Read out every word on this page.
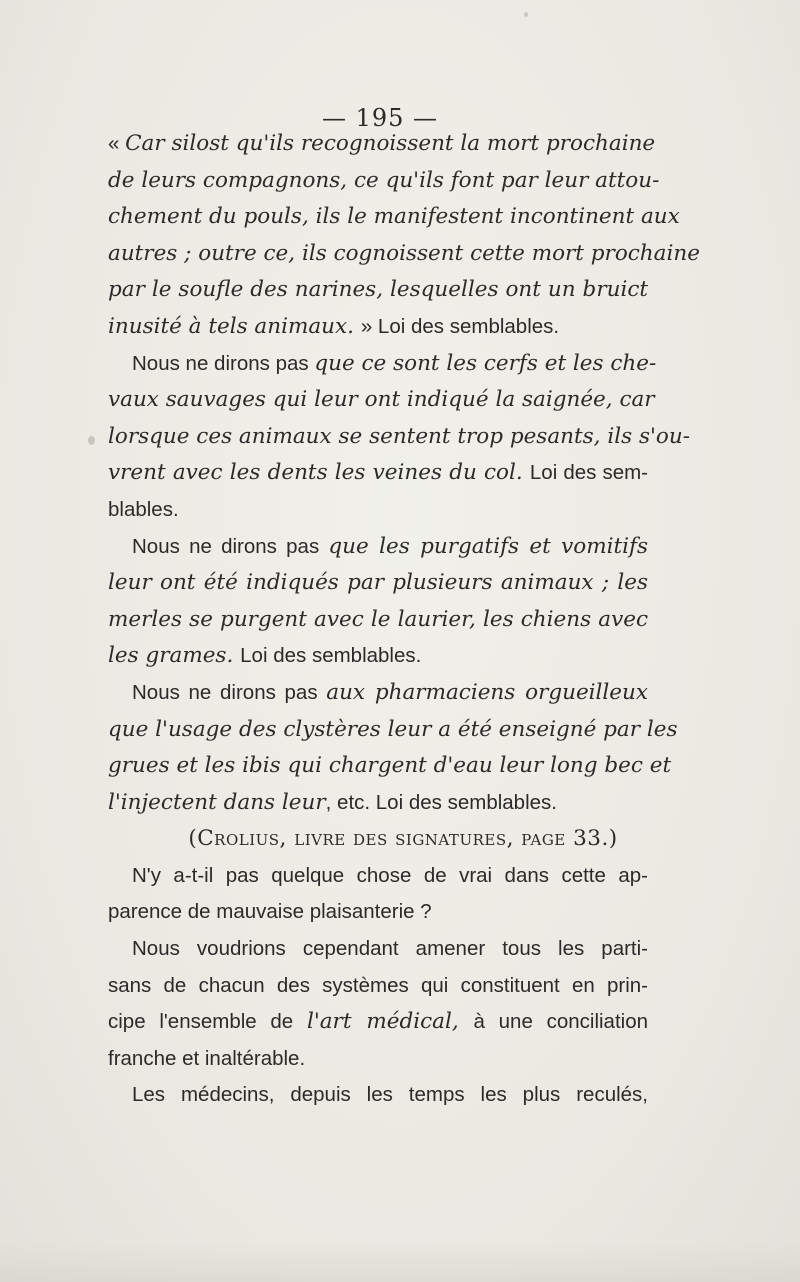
— 195 —
« Car silost qu'ils recognoissent la mort prochaine
de leurs compagnons, ce qu'ils font par leur attou-
chement du pouls, ils le manifestent incontinent aux
autres ; outre ce, ils cognoissent cette mort prochaine
par le soufle des narines, lesquelles ont un bruict
inusité à tels animaux. » Loi des semblables.
Nous ne dirons pas que ce sont les cerfs et les che-
vaux sauvages qui leur ont indiqué la saignée, car
lorsque ces animaux se sentent trop pesants, ils s'ou-
vrent avec les dents les veines du col. Loi des sem-
blables.
Nous ne dirons pas que les purgatifs et vomitifs
leur ont été indiqués par plusieurs animaux ; les
merles se purgent avec le laurier, les chiens avec
les grames. Loi des semblables.
Nous ne dirons pas aux pharmaciens orgueilleux
que l'usage des clystères leur a été enseigné par les
grues et les ibis qui chargent d'eau leur long bec et
l'injectent dans leur, etc. Loi des semblables.
(Crolius, livre des signatures, page 33.)
N'y a-t-il pas quelque chose de vrai dans cette ap-
parence de mauvaise plaisanterie ?
Nous voudrions cependant amener tous les parti-
sans de chacun des systèmes qui constituent en prin-
cipe l'ensemble de l'art médical, à une conciliation
franche et inaltérable.
Les médecins, depuis les temps les plus reculés,
